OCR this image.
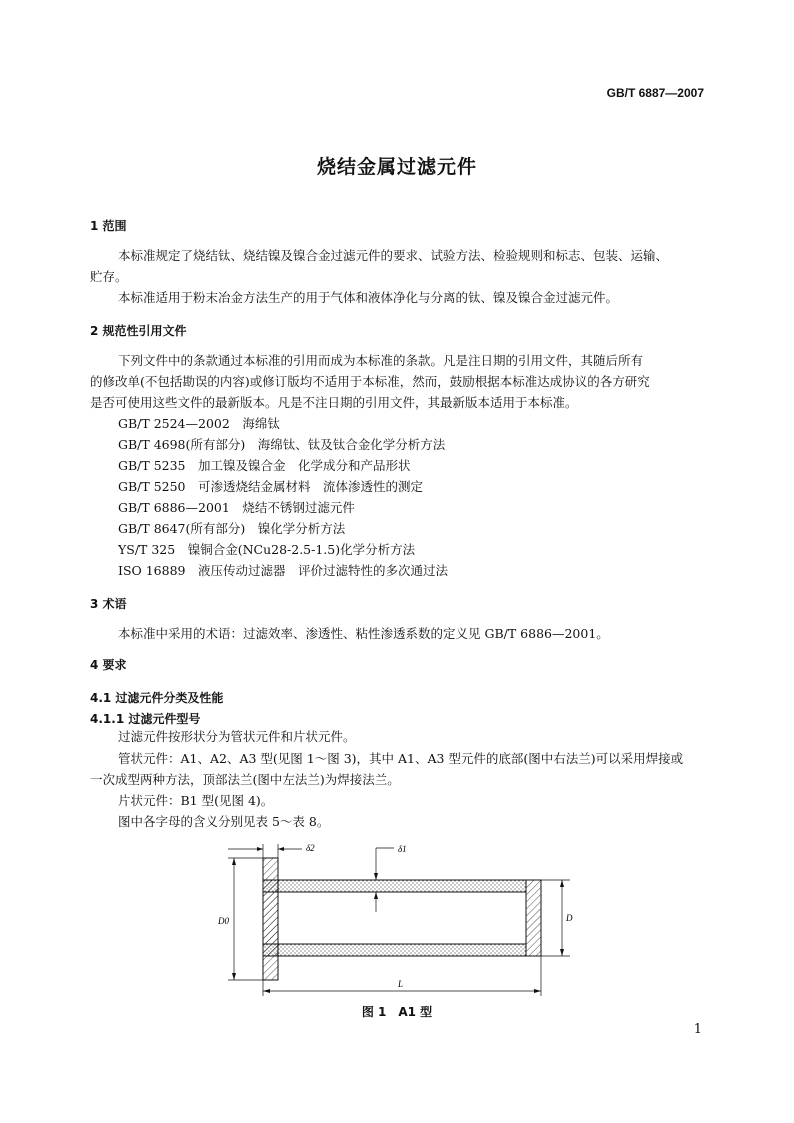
GB/T 6887—2007
烧结金属过滤元件
1 范围
本标准规定了烧结钛、烧结镍及镍合金过滤元件的要求、试验方法、检验规则和标志、包装、运输、
贮存。
本标准适用于粉末冶金方法生产的用于气体和液体净化与分离的钛、镍及镍合金过滤元件。
2 规范性引用文件
下列文件中的条款通过本标准的引用而成为本标准的条款。凡是注日期的引用文件，其随后所有
的修改单(不包括勘误的内容)或修订版均不适用于本标准，然而，鼓励根据本标准达成协议的各方研究
是否可使用这些文件的最新版本。凡是不注日期的引用文件，其最新版本适用于本标准。
GB/T 2524—2002　海绵钛
GB/T 4698(所有部分)　海绵钛、钛及钛合金化学分析方法
GB/T 5235　加工镍及镍合金　化学成分和产品形状
GB/T 5250　可渗透烧结金属材料　流体渗透性的测定
GB/T 6886—2001　烧结不锈钢过滤元件
GB/T 8647(所有部分)　镍化学分析方法
YS/T 325　镍铜合金(NCu28-2.5-1.5)化学分析方法
ISO 16889　液压传动过滤器　评价过滤特性的多次通过法
3 术语
本标准中采用的术语：过滤效率、渗透性、粘性渗透系数的定义见 GB/T 6886—2001。
4 要求
4.1 过滤元件分类及性能
4.1.1 过滤元件型号
过滤元件按形状分为管状元件和片状元件。
管状元件：A1、A2、A3 型(见图 1～图 3)，其中 A1、A3 型元件的底部(图中右法兰)可以采用焊接或
一次成型两种方法，顶部法兰(图中左法兰)为焊接法兰。
片状元件：B1 型(见图 4)。
图中各字母的含义分别见表 5～表 8。
δ2	δ1
D0	D
L
图 1　A1 型
1
